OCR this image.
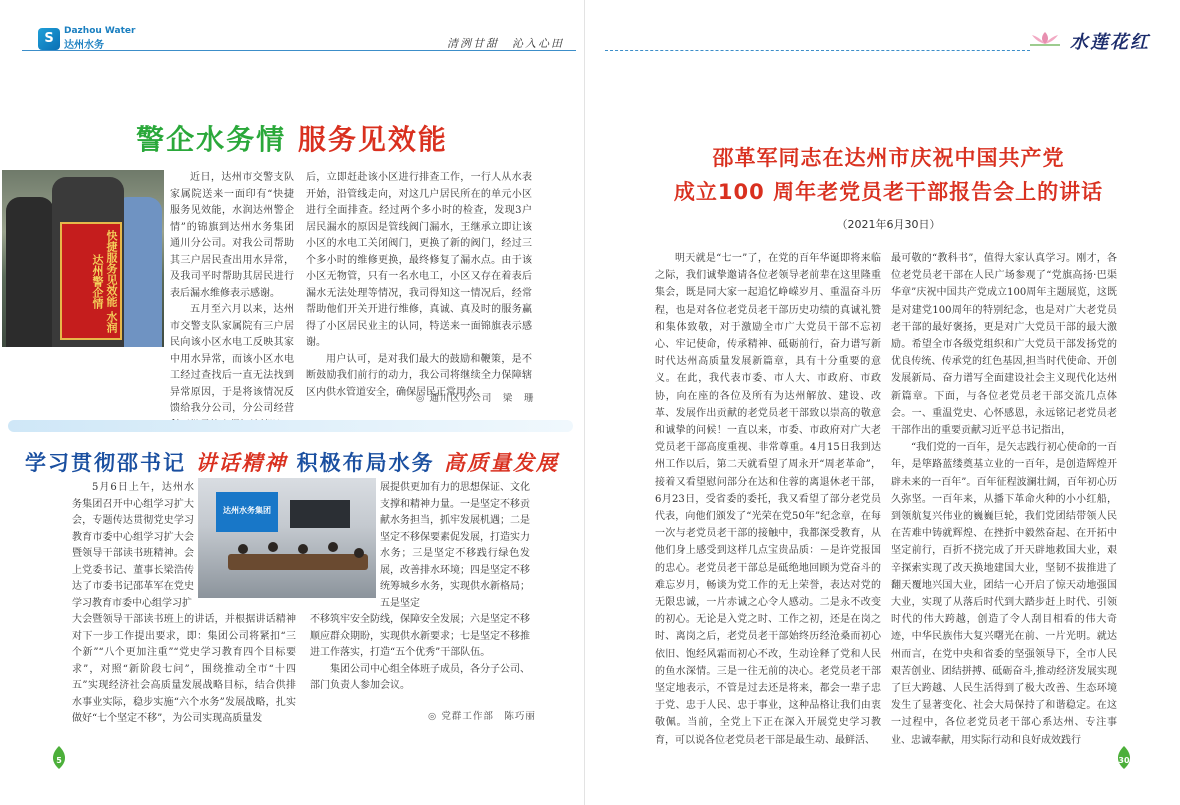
S	Dazhou Water
达州水务	清洌甘甜　沁入心田
警企水务情 服务见效能
快捷服务见效能 水润达州警企情

近日，达州市交警支队家属院送来一面印有“快捷服务见效能，水润达州警企情”的锦旗到达州水务集团通川分公司。对我公司帮助其三户居民查出用水异常，及我司平时帮助其居民进行表后漏水维修表示感谢。

五月至六月以来，达州市交警支队家属院有三户居民向该小区水电工反映其家中用水异常，而该小区水电工经过查找后一直无法找到异常原因，于是将该情况反馈给我分公司，分公司经营

后，立即赶赴该小区进行排查工作，一行人从水表开始，沿管线走向，对这几户居民所在的单元小区进行全面排查。经过两个多小时的检查，发现3户居民漏水的原因是管线阀门漏水，王继承立即让该小区的水电工关闭阀门，更换了新的阀门，经过三个多小时的维修更换，最终修复了漏水点。由于该小区无物管，只有一名水电工，小区又存在着表后漏水无法处理等情况，我司得知这一情况后，经常帮助他们开关开进行维修，真诚、真及时的服务赢得了小区居民业主的认同，特送来一面锦旗表示感谢。

用户认可，是对我们最大的鼓励和鞭策，是不断鼓励我们前行的动力，我公司将继续全力保障辖区内供水管道安全，确保居民正常用水。

◎ 通川区分公司　梁　珊
学习贯彻邵书记 讲话精神 积极布局水务 高质量发展

5月6日上午，达州水务集团召开中心组学习扩大会，专题传达贯彻党史学习教育市委中心组学习扩大会暨领导干部读书班精神。会上党委书记、董事长梁浩传达了市委书记邵革军在党史学习教育市委中心组学习扩

达州水务集团

展提供更加有力的思想保证、文化支撑和精神力量。一是坚定不移贡献水务担当，抓牢发展机遇；二是坚定不移保要素促发展，打造实力水务；三是坚定不移践行绿色发展，改善排水环境；四是坚定不移统筹城乡水务，实现供水新格局；五是坚定

大会暨领导干部读书班上的讲话，并根据讲话精神对下一步工作提出要求，即：集团公司将紧扣“三个新”“八个更加注重”“党史学习教育四个目标要求”，对照“新阶段七问”，围绕推动全市“十四五”实现经济社会高质量发展战略目标，结合供排水事业实际，稳步实施“六个水务”发展战略，扎实做好“七个坚定不移”，为公司实现高质量发

不移筑牢安全防线，保障安全发展；六是坚定不移顺应群众期盼，实现供水新要求；七是坚定不移推进工作落实，打造“五个优秀”干部队伍。

集团公司中心组全体班子成员，各分子公司、部门负责人参加会议。

◎ 党群工作部　陈巧丽
5
水莲花红
邵革军同志在达州市庆祝中国共产党
成立100 周年老党员老干部报告会上的讲话
（2021年6月30日）

明天就是“七一”了，在党的百年华诞即将来临之际，我们诚挚邀请各位老领导老前辈在这里隆重集会，既是同大家一起追忆峥嵘岁月、重温奋斗历程，也是对各位老党员老干部历史功绩的真诚礼赞和集体致敬，对于激励全市广大党员干部不忘初心、牢记使命，传承精神、砥砺前行，奋力谱写新时代达州高质量发展新篇章，具有十分重要的意义。在此，我代表市委、市人大、市政府、市政协，向在座的各位及所有为达州解放、建设、改革、发展作出贡献的老党员老干部致以崇高的敬意和诚挚的问候！一直以来，市委、市政府对广大老党员老干部高度重视、非常尊重。4月15日我到达州工作以后，第二天就看望了周永开“周老革命”，接着又看望慰问部分在达和住蓉的离退休老干部，6月23日，受省委的委托，我又看望了部分老党员代表，向他们颁发了“光荣在党50年”纪念章，在每一次与老党员老干部的接触中，我都深受教育，从他们身上感受到这样几点宝贵品质：－是许党报国的忠心。老党员老干部总是砥绝地回顾为党奋斗的难忘岁月，畅谈为党工作的无上荣誉，表达对党的无限忠诚，一片赤诚之心令人感动。二是永不改变的初心。无论是入党之时、工作之初，还是在岗之时、离岗之后，老党员老干部始终历经沧桑而初心依旧、饱经风霜而初心不改，生动诠释了党和人民的鱼水深情。三是一往无前的决心。老党员老干部坚定地表示，不管是过去还是将来，都会一辈子忠于党、忠于人民、忠于事业，这种品格让我们由衷敬佩。当前，全党上下正在深入开展党史学习教育，可以说各位老党员老干部是最生动、最鲜活、

最可敬的“教科书”，值得大家认真学习。刚才，各位老党员老干部在人民广场参观了“党旗高扬·巴渠华章”庆祝中国共产党成立100周年主题展览，这既是对建党100周年的特别纪念，也是对广大老党员老干部的最好褒扬，更是对广大党员干部的最大激励。希望全市各级党组织和广大党员干部发扬党的优良传统、传承党的红色基因,担当时代使命、开创发展新局、奋力谱写全面建设社会主义现代化达州新篇章。下面，与各位老党员老干部交流几点体会。一、重温党史、心怀感恩，永远铭记老党员老干部作出的重要贡献习近平总书记指出，

“我们党的一百年，是矢志践行初心使命的一百年，是筚路蓝缕奠基立业的一百年，是创造辉煌开辟未来的一百年”。百年征程波澜壮阔，百年初心历久弥坚。一百年来，从播下革命火种的小小红船，到领航复兴伟业的巍巍巨轮，我们党团结带领人民在苦难中铸就辉煌、在挫折中毅然奋起、在开拓中坚定前行，百折不挠完成了开天辟地救国大业，艰辛探索实现了改天换地建国大业，坚韧不拔推进了翻天覆地兴国大业，团结一心开启了惊天动地强国大业，实现了从落后时代到大踏步赶上时代、引领时代的伟大跨越，创造了令人刮目相看的伟大奇迹，中华民族伟大复兴曙光在前、一片光明。就达州而言，在党中央和省委的坚强领导下，全市人民艰苦创业、团结拼搏、砥砺奋斗,推动经济发展实现了巨大跨越、人民生活得到了极大改善、生态环境发生了显著变化、社会大局保持了和谐稳定。在这一过程中，各位老党员老干部心系达州、专注事业、忠诚奉献，用实际行动和良好成效践行

30
